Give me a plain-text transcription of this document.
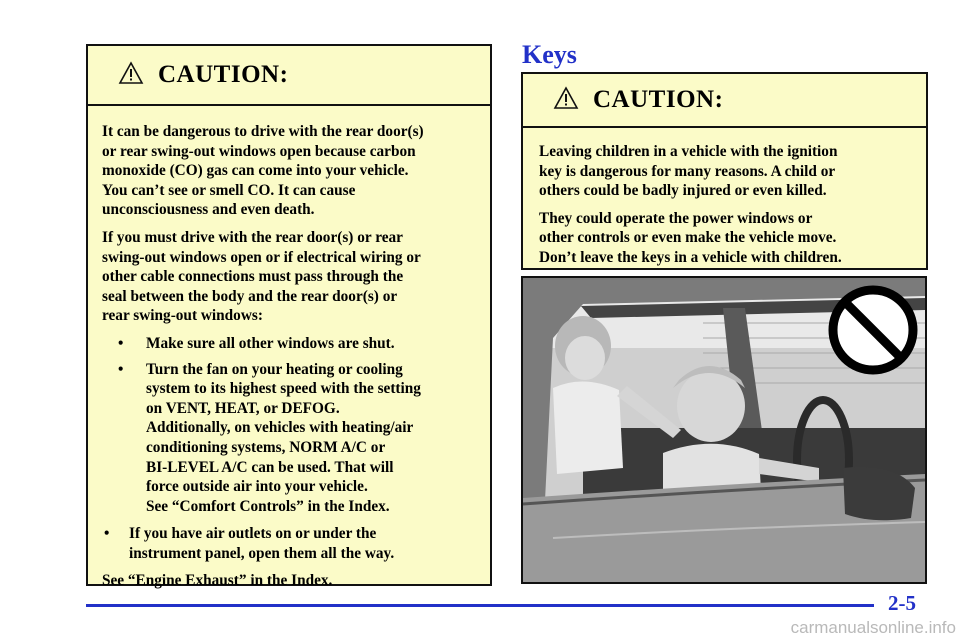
CAUTION:

It can be dangerous to drive with the rear door(s)
or rear swing-out windows open because carbon
monoxide (CO) gas can come into your vehicle.
You can’t see or smell CO. It can cause
unconsciousness and even death.

If you must drive with the rear door(s) or rear
swing-out windows open or if electrical wiring or
other cable connections must pass through the
seal between the body and the rear door(s) or
rear swing-out windows:

• Make sure all other windows are shut.
• Turn the fan on your heating or cooling
system to its highest speed with the setting
on VENT, HEAT, or DEFOG.
Additionally, on vehicles with heating/air
conditioning systems, NORM A/C or
BI-LEVEL A/C can be used. That will
force outside air into your vehicle.
See “Comfort Controls” in the Index.
• If you have air outlets on or under the
instrument panel, open them all the way.

See “Engine Exhaust” in the Index.

Keys
CAUTION:

Leaving children in a vehicle with the ignition
key is dangerous for many reasons. A child or
others could be badly injured or even killed.

They could operate the power windows or
other controls or even make the vehicle move.
Don’t leave the keys in a vehicle with children.

2-5
carmanualsonline.info
